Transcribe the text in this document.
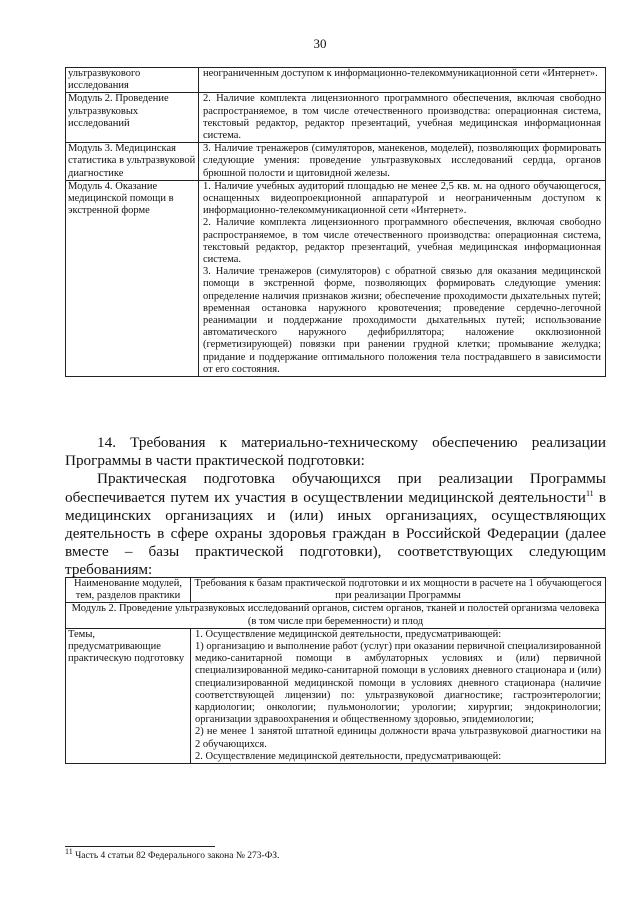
30
ультразвукового исследования	неограниченным доступом к информационно-телекоммуникационной сети «Интернет».

Модуль 2. Проведение ультразвуковых исследований	2. Наличие комплекта лицензионного программного обеспечения, включая свободно распространяемое, в том числе отечественного производства: операционная система, текстовый редактор, редактор презентаций, учебная медицинская информационная система.

Модуль 3. Медицинская статистика в ультразвуковой диагностике	3. Наличие тренажеров (симуляторов, манекенов, моделей), позволяющих формировать следующие умения: проведение ультразвуковых исследований сердца, органов брюшной полости и щитовидной железы.

Модуль 4. Оказание медицинской помощи в экстренной форме	1. Наличие учебных аудиторий площадью не менее 2,5 кв. м. на одного обучающегося, оснащенных видеопроекционной аппаратурой и неограниченным доступом к информационно-телекоммуникационной сети «Интернет».

2. Наличие комплекта лицензионного программного обеспечения, включая свободно распространяемое, в том числе отечественного производства: операционная система, текстовый редактор, редактор презентаций, учебная медицинская информационная система.

3. Наличие тренажеров (симуляторов) с обратной связью для оказания медицинской помощи в экстренной форме, позволяющих формировать следующие умения: определение наличия признаков жизни; обеспечение проходимости дыхательных путей; временная остановка наружного кровотечения; проведение сердечно-легочной реанимации и поддержание проходимости дыхательных путей; использование автоматического наружного дефибриллятора; наложение окклюзионной (герметизирующей) повязки при ранении грудной клетки; промывание желудка; придание и поддержание оптимального положения тела пострадавшего в зависимости от его состояния.

14. Требования к материально-техническому обеспечению реализации Программы в части практической подготовки:

Практическая подготовка обучающихся при реализации Программы обеспечивается путем их участия в осуществлении медицинской деятельности$^{11}$ в медицинских организациях и (или) иных организациях, осуществляющих деятельность в сфере охраны здоровья граждан в Российской Федерации (далее вместе – базы практической подготовки), соответствующих следующим требованиям:

Наименование модулей, тем, разделов практики	Требования к базам практической подготовки и их мощности в расчете на 1 обучающегося при реализации Программы
Модуль 2. Проведение ультразвуковых исследований органов, систем органов, тканей и полостей организма человека (в том числе при беременности) и плод	
Темы, предусматривающие практическую подготовку	1. Осуществление медицинской деятельности, предусматривающей:

1) организацию и выполнение работ (услуг) при оказании первичной специализированной медико-санитарной помощи в амбулаторных условиях и (или) первичной специализированной медико-санитарной помощи в условиях дневного стационара и (или) специализированной медицинской помощи в условиях дневного стационара (наличие соответствующей лицензии) по: ультразвуковой диагностике; гастроэнтерологии; кардиологии; онкологии; пульмонологии; урологии; хирургии; эндокринологии; организации здравоохранения и общественному здоровью, эпидемиологии;

2) не менее 1 занятой штатной единицы должности врача ультразвуковой диагностики на 2 обучающихся.

2. Осуществление медицинской деятельности, предусматривающей:

$^{11}$ Часть 4 статьи 82 Федерального закона № 273-ФЗ.
